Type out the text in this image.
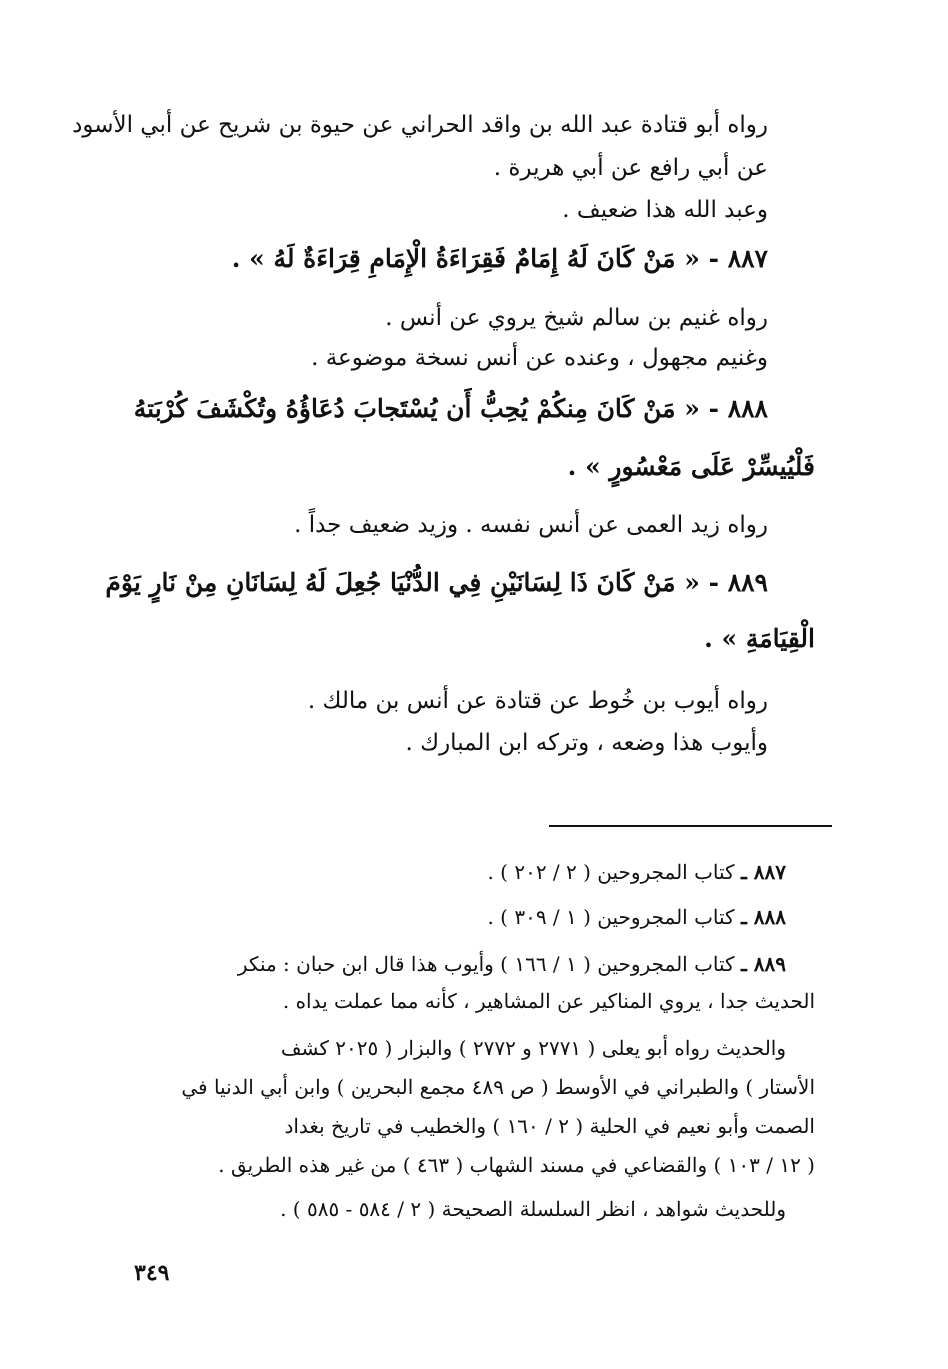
رواه أبو قتادة عبد الله بن واقد الحراني عن حيوة بن شريح عن أبي الأسود
عن أبي رافع عن أبي هريرة .
وعبد الله هذا ضعيف .
٨٨٧ - « مَنْ كَانَ لَهُ إِمَامٌ فَقِرَاءَةُ الْإِمَامِ قِرَاءَةٌ لَهُ » .
رواه غنيم بن سالم شيخ يروي عن أنس .
وغنيم مجهول ، وعنده عن أنس نسخة موضوعة .
٨٨٨ - « مَنْ كَانَ مِنكُمْ يُحِبُّ أَن يُسْتَجابَ دُعَاؤُهُ وتُكْشَفَ كُرْبَتهُ
فَلْيُيسِّرْ عَلَى مَعْسُورٍ » .
رواه زيد العمى عن أنس نفسه . وزيد ضعيف جداً .
٨٨٩ - « مَنْ كَانَ ذَا لِسَانَيْنِ فِي الدُّنْيَا جُعِلَ لَهُ لِسَانَانِ مِنْ نَارٍ يَوْمَ
الْقِيَامَةِ » .
رواه أيوب بن خُوط عن قتادة عن أنس بن مالك .
وأيوب هذا وضعه ، وتركه ابن المبارك .
٨٨٧ ـ كتاب المجروحين ( ٢ / ٢٠٢ ) .
٨٨٨ ـ كتاب المجروحين ( ١ / ٣٠٩ ) .
٨٨٩ ـ كتاب المجروحين ( ١ / ١٦٦ ) وأيوب هذا قال ابن حبان : منكر
الحديث جدا ، يروي المناكير عن المشاهير ، كأنه مما عملت يداه .
والحديث رواه أبو يعلى ( ٢٧٧١ و ٢٧٧٢ ) والبزار ( ٢٠٢٥ كشف
الأستار ) والطبراني في الأوسط ( ص ٤٨٩ مجمع البحرين ) وابن أبي الدنيا في
الصمت وأبو نعيم في الحلية ( ٢ / ١٦٠ ) والخطيب في تاريخ بغداد
( ١٢ / ١٠٣ ) والقضاعي في مسند الشهاب ( ٤٦٣ ) من غير هذه الطريق .
وللحديث شواهد ، انظر السلسلة الصحيحة ( ٢ / ٥٨٤ - ٥٨٥ ) .
٣٤٩
